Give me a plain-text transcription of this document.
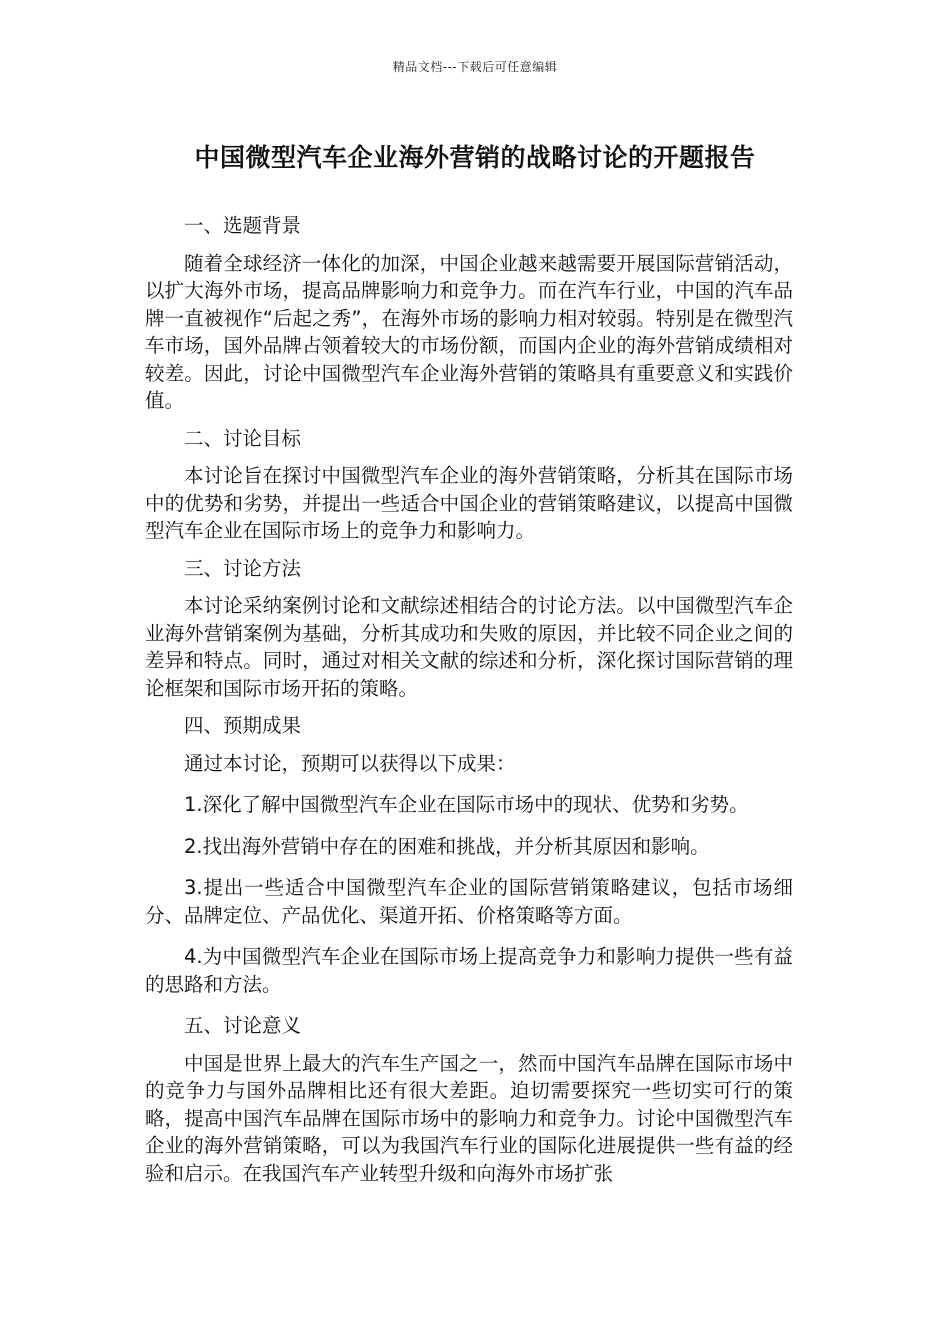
精品文档---下载后可任意编辑
中国微型汽车企业海外营销的战略讨论的开题报告

一、选题背景

随着全球经济一体化的加深，中国企业越来越需要开展国际营销活动，以扩大海外市场，提高品牌影响力和竞争力。而在汽车行业，中国的汽车品牌一直被视作“后起之秀”，在海外市场的影响力相对较弱。特别是在微型汽车市场，国外品牌占领着较大的市场份额，而国内企业的海外营销成绩相对较差。因此，讨论中国微型汽车企业海外营销的策略具有重要意义和实践价值。

二、讨论目标

本讨论旨在探讨中国微型汽车企业的海外营销策略，分析其在国际市场中的优势和劣势，并提出一些适合中国企业的营销策略建议，以提高中国微型汽车企业在国际市场上的竞争力和影响力。

三、讨论方法

本讨论采纳案例讨论和文献综述相结合的讨论方法。以中国微型汽车企业海外营销案例为基础，分析其成功和失败的原因，并比较不同企业之间的差异和特点。同时，通过对相关文献的综述和分析，深化探讨国际营销的理论框架和国际市场开拓的策略。

四、预期成果

通过本讨论，预期可以获得以下成果：

1.深化了解中国微型汽车企业在国际市场中的现状、优势和劣势。

2.找出海外营销中存在的困难和挑战，并分析其原因和影响。

3.提出一些适合中国微型汽车企业的国际营销策略建议，包括市场细分、品牌定位、产品优化、渠道开拓、价格策略等方面。

4.为中国微型汽车企业在国际市场上提高竞争力和影响力提供一些有益的思路和方法。

五、讨论意义

中国是世界上最大的汽车生产国之一，然而中国汽车品牌在国际市场中的竞争力与国外品牌相比还有很大差距。迫切需要探究一些切实可行的策略，提高中国汽车品牌在国际市场中的影响力和竞争力。讨论中国微型汽车企业的海外营销策略，可以为我国汽车行业的国际化进展提供一些有益的经验和启示。在我国汽车产业转型升级和向海外市场扩张
